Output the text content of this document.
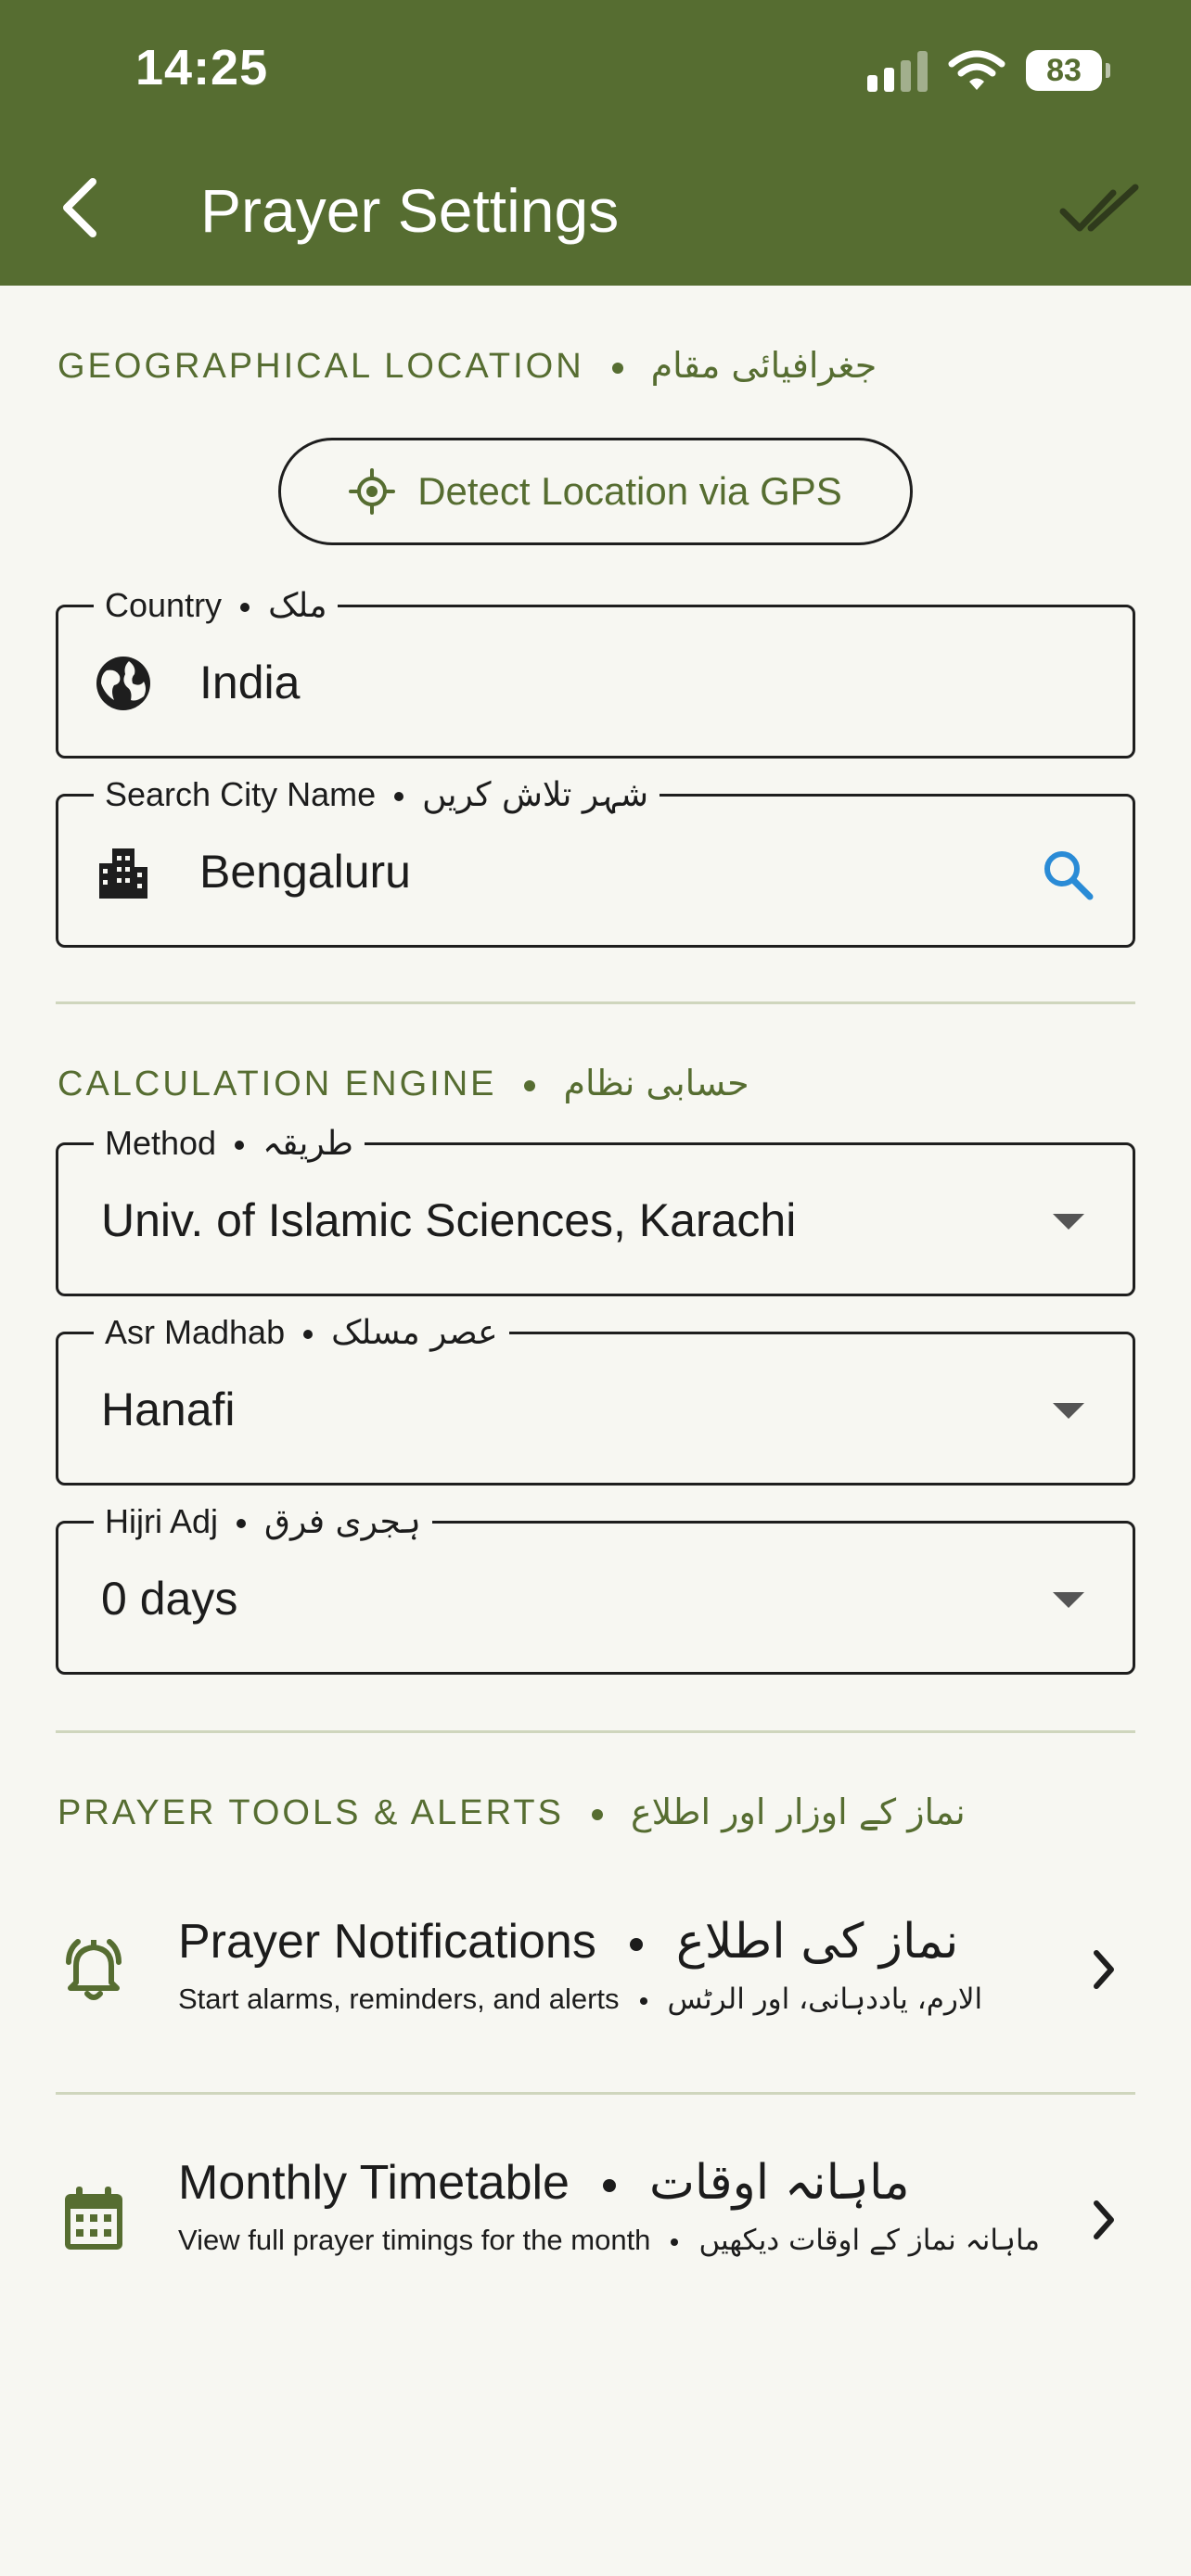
14:25	83
Prayer Settings
GEOGRAPHICAL LOCATION جغرافیائی مقام
Detect Location via GPS
Country ملک
India
Search City Name شہر تلاش کریں
Bengaluru
CALCULATION ENGINE حسابی نظام
Method طریقہ
Univ. of Islamic Sciences, Karachi
Asr Madhab عصر مسلک
Hanafi
Hijri Adj ہجری فرق
0 days
PRAYER TOOLS & ALERTS نماز کے اوزار اور اطلاع
Prayer Notifications نماز کی اطلاع
Start alarms, reminders, and alerts الارم، یاددہانی، اور الرٹس
Monthly Timetable ماہانہ اوقات
View full prayer timings for the month ماہانہ نماز کے اوقات دیکھیں
